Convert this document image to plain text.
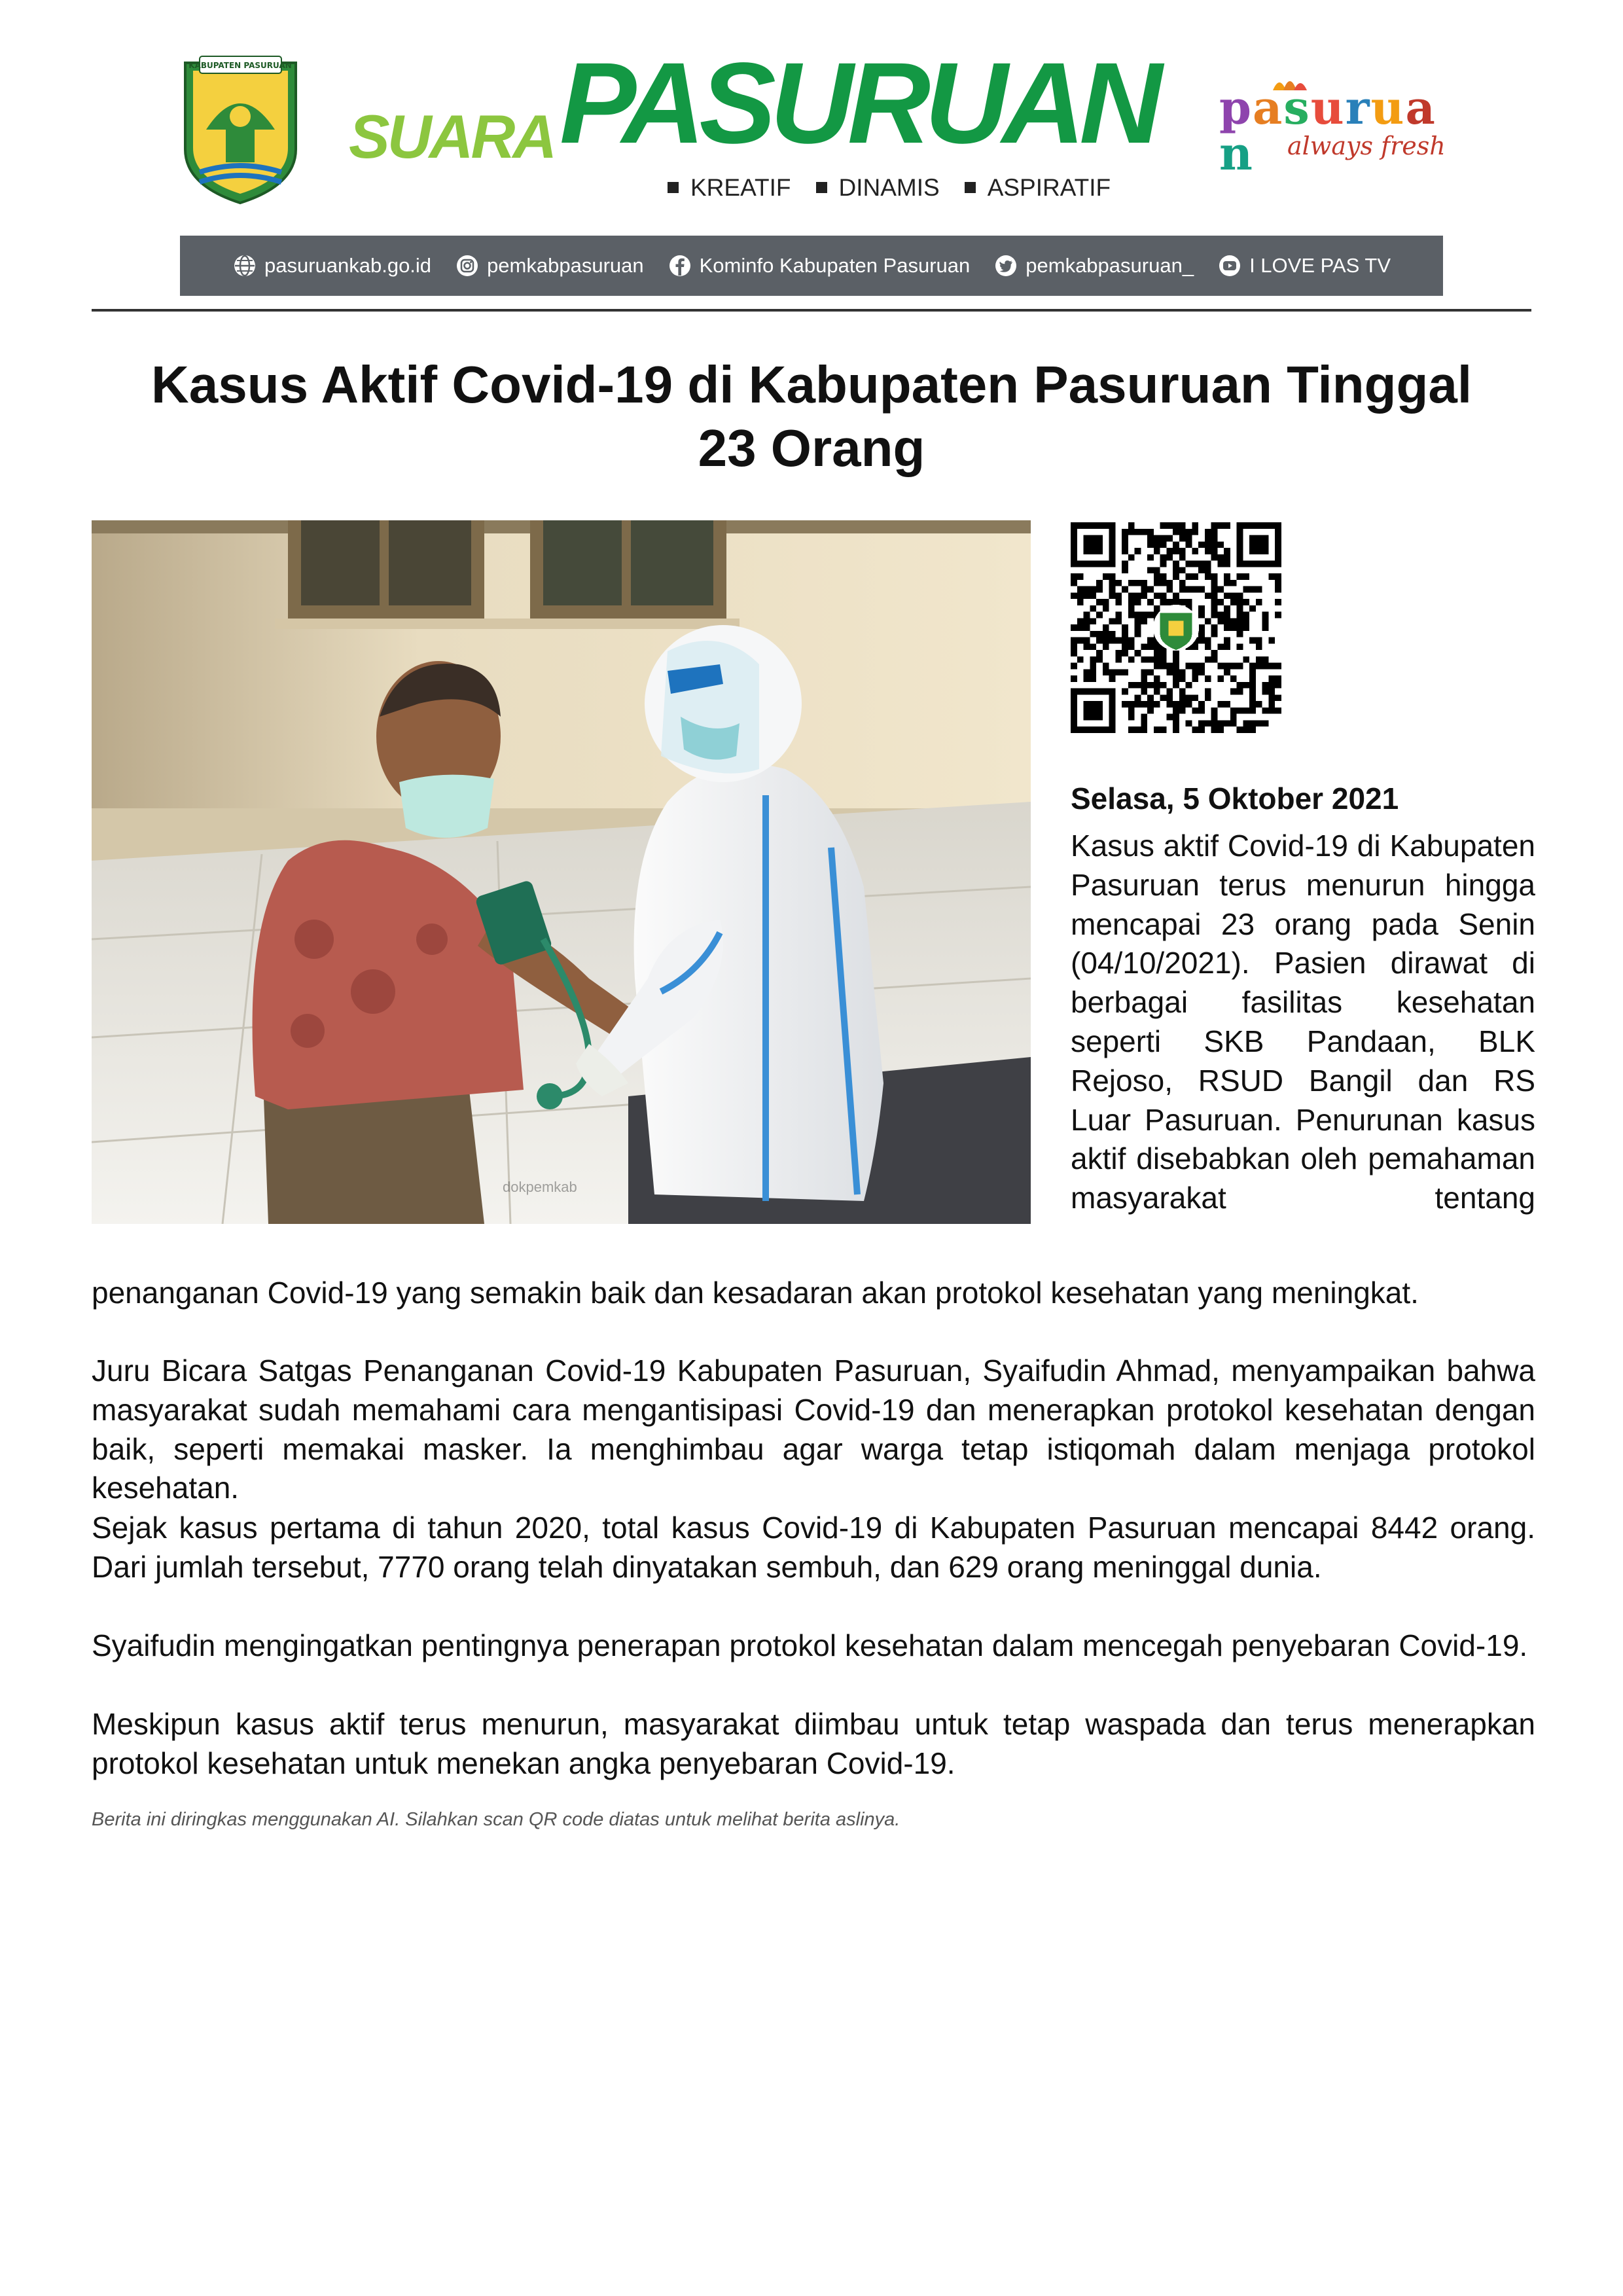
KABUPATEN PASURUAN
SUARA PASURUAN
KREATIF DINAMIS ASPIRATIF
pasuruan	always fresh
pasuruankab.go.id	pemkabpasuruan	Kominfo Kabupaten Pasuruan	pemkabpasuruan_	I LOVE PAS TV
Kasus Aktif Covid-19 di Kabupaten Pasuruan Tinggal
23 Orang
dokpemkab
Selasa, 5 Oktober 2021
Kasus aktif Covid-19 di Kabupaten Pasuruan terus menurun hingga mencapai 23 orang pada Senin (04/10/2021). Pasien dirawat di berbagai fasilitas kesehatan seperti SKB Pandaan, BLK Rejoso, RSUD Bangil dan RS Luar Pasuruan. Penurunan kasus aktif disebabkan oleh pemahaman masyarakat tentang
penanganan Covid-19 yang semakin baik dan kesadaran akan protokol kesehatan yang meningkat.
Juru Bicara Satgas Penanganan Covid-19 Kabupaten Pasuruan, Syaifudin Ahmad, menyampaikan bahwa masyarakat sudah memahami cara mengantisipasi Covid-19 dan menerapkan protokol kesehatan dengan baik, seperti memakai masker. Ia menghimbau agar warga tetap istiqomah dalam menjaga protokol kesehatan.
Sejak kasus pertama di tahun 2020, total kasus Covid-19 di Kabupaten Pasuruan mencapai 8442 orang. Dari jumlah tersebut, 7770 orang telah dinyatakan sembuh, dan 629 orang meninggal dunia.
Syaifudin mengingatkan pentingnya penerapan protokol kesehatan dalam mencegah penyebaran Covid-19.
Meskipun kasus aktif terus menurun, masyarakat diimbau untuk tetap waspada dan terus menerapkan protokol kesehatan untuk menekan angka penyebaran Covid-19.
Berita ini diringkas menggunakan AI. Silahkan scan QR code diatas untuk melihat berita aslinya.
